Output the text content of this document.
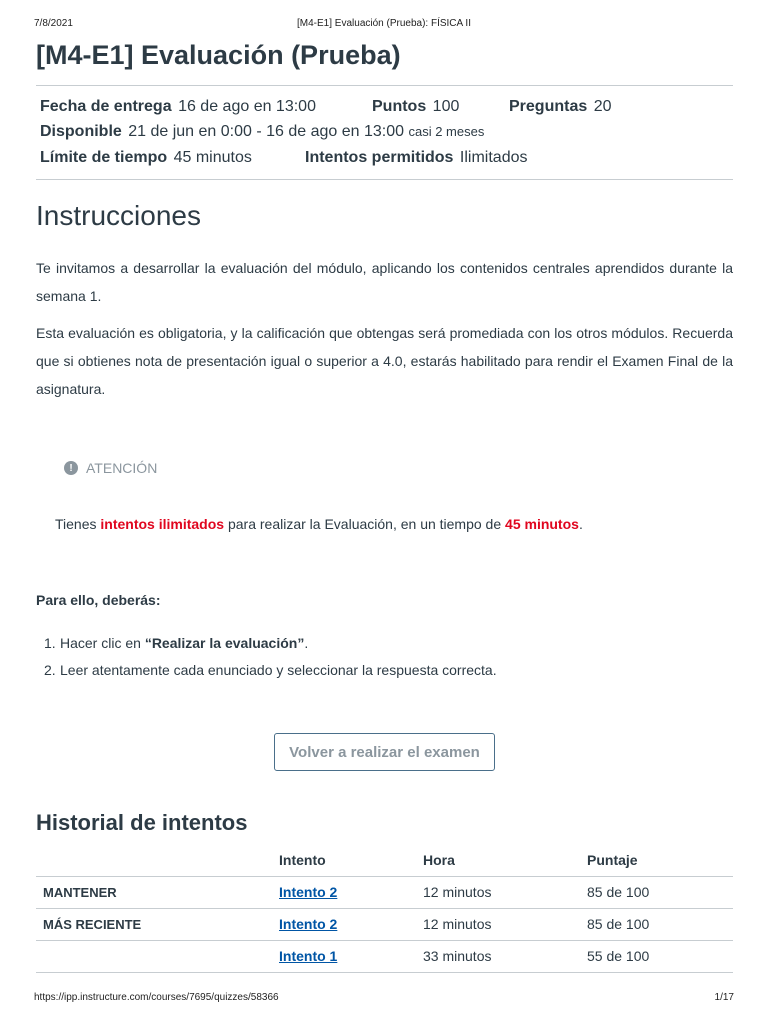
7/8/2021	[M4-E1] Evaluación (Prueba): FÍSICA II
[M4-E1] Evaluación (Prueba)
Fecha de entrega 16 de ago en 13:00	Puntos 100	Preguntas 20
Disponible 21 de jun en 0:00 - 16 de ago en 13:00 casi 2 meses
Límite de tiempo 45 minutos	Intentos permitidos Ilimitados
Instrucciones

Te invitamos a desarrollar la evaluación del módulo, aplicando los contenidos centrales aprendidos durante la semana 1.

Esta evaluación es obligatoria, y la calificación que obtengas será promediada con los otros módulos. Recuerda que si obtienes nota de presentación igual o superior a 4.0, estarás habilitado para rendir el Examen Final de la asignatura.

! ATENCIÓN

Tienes intentos ilimitados para realizar la Evaluación, en un tiempo de 45 minutos.

Para ello, deberás:

1. Hacer clic en “Realizar la evaluación”.
2. Leer atentamente cada enunciado y seleccionar la respuesta correcta.
Volver a realizar el examen
Historial de intentos
	Intento	Hora	Puntaje
MANTENER	Intento 2	12 minutos	85 de 100
MÁS RECIENTE	Intento 2	12 minutos	85 de 100
	Intento 1	33 minutos	55 de 100
https://ipp.instructure.com/courses/7695/quizzes/58366	1/17
